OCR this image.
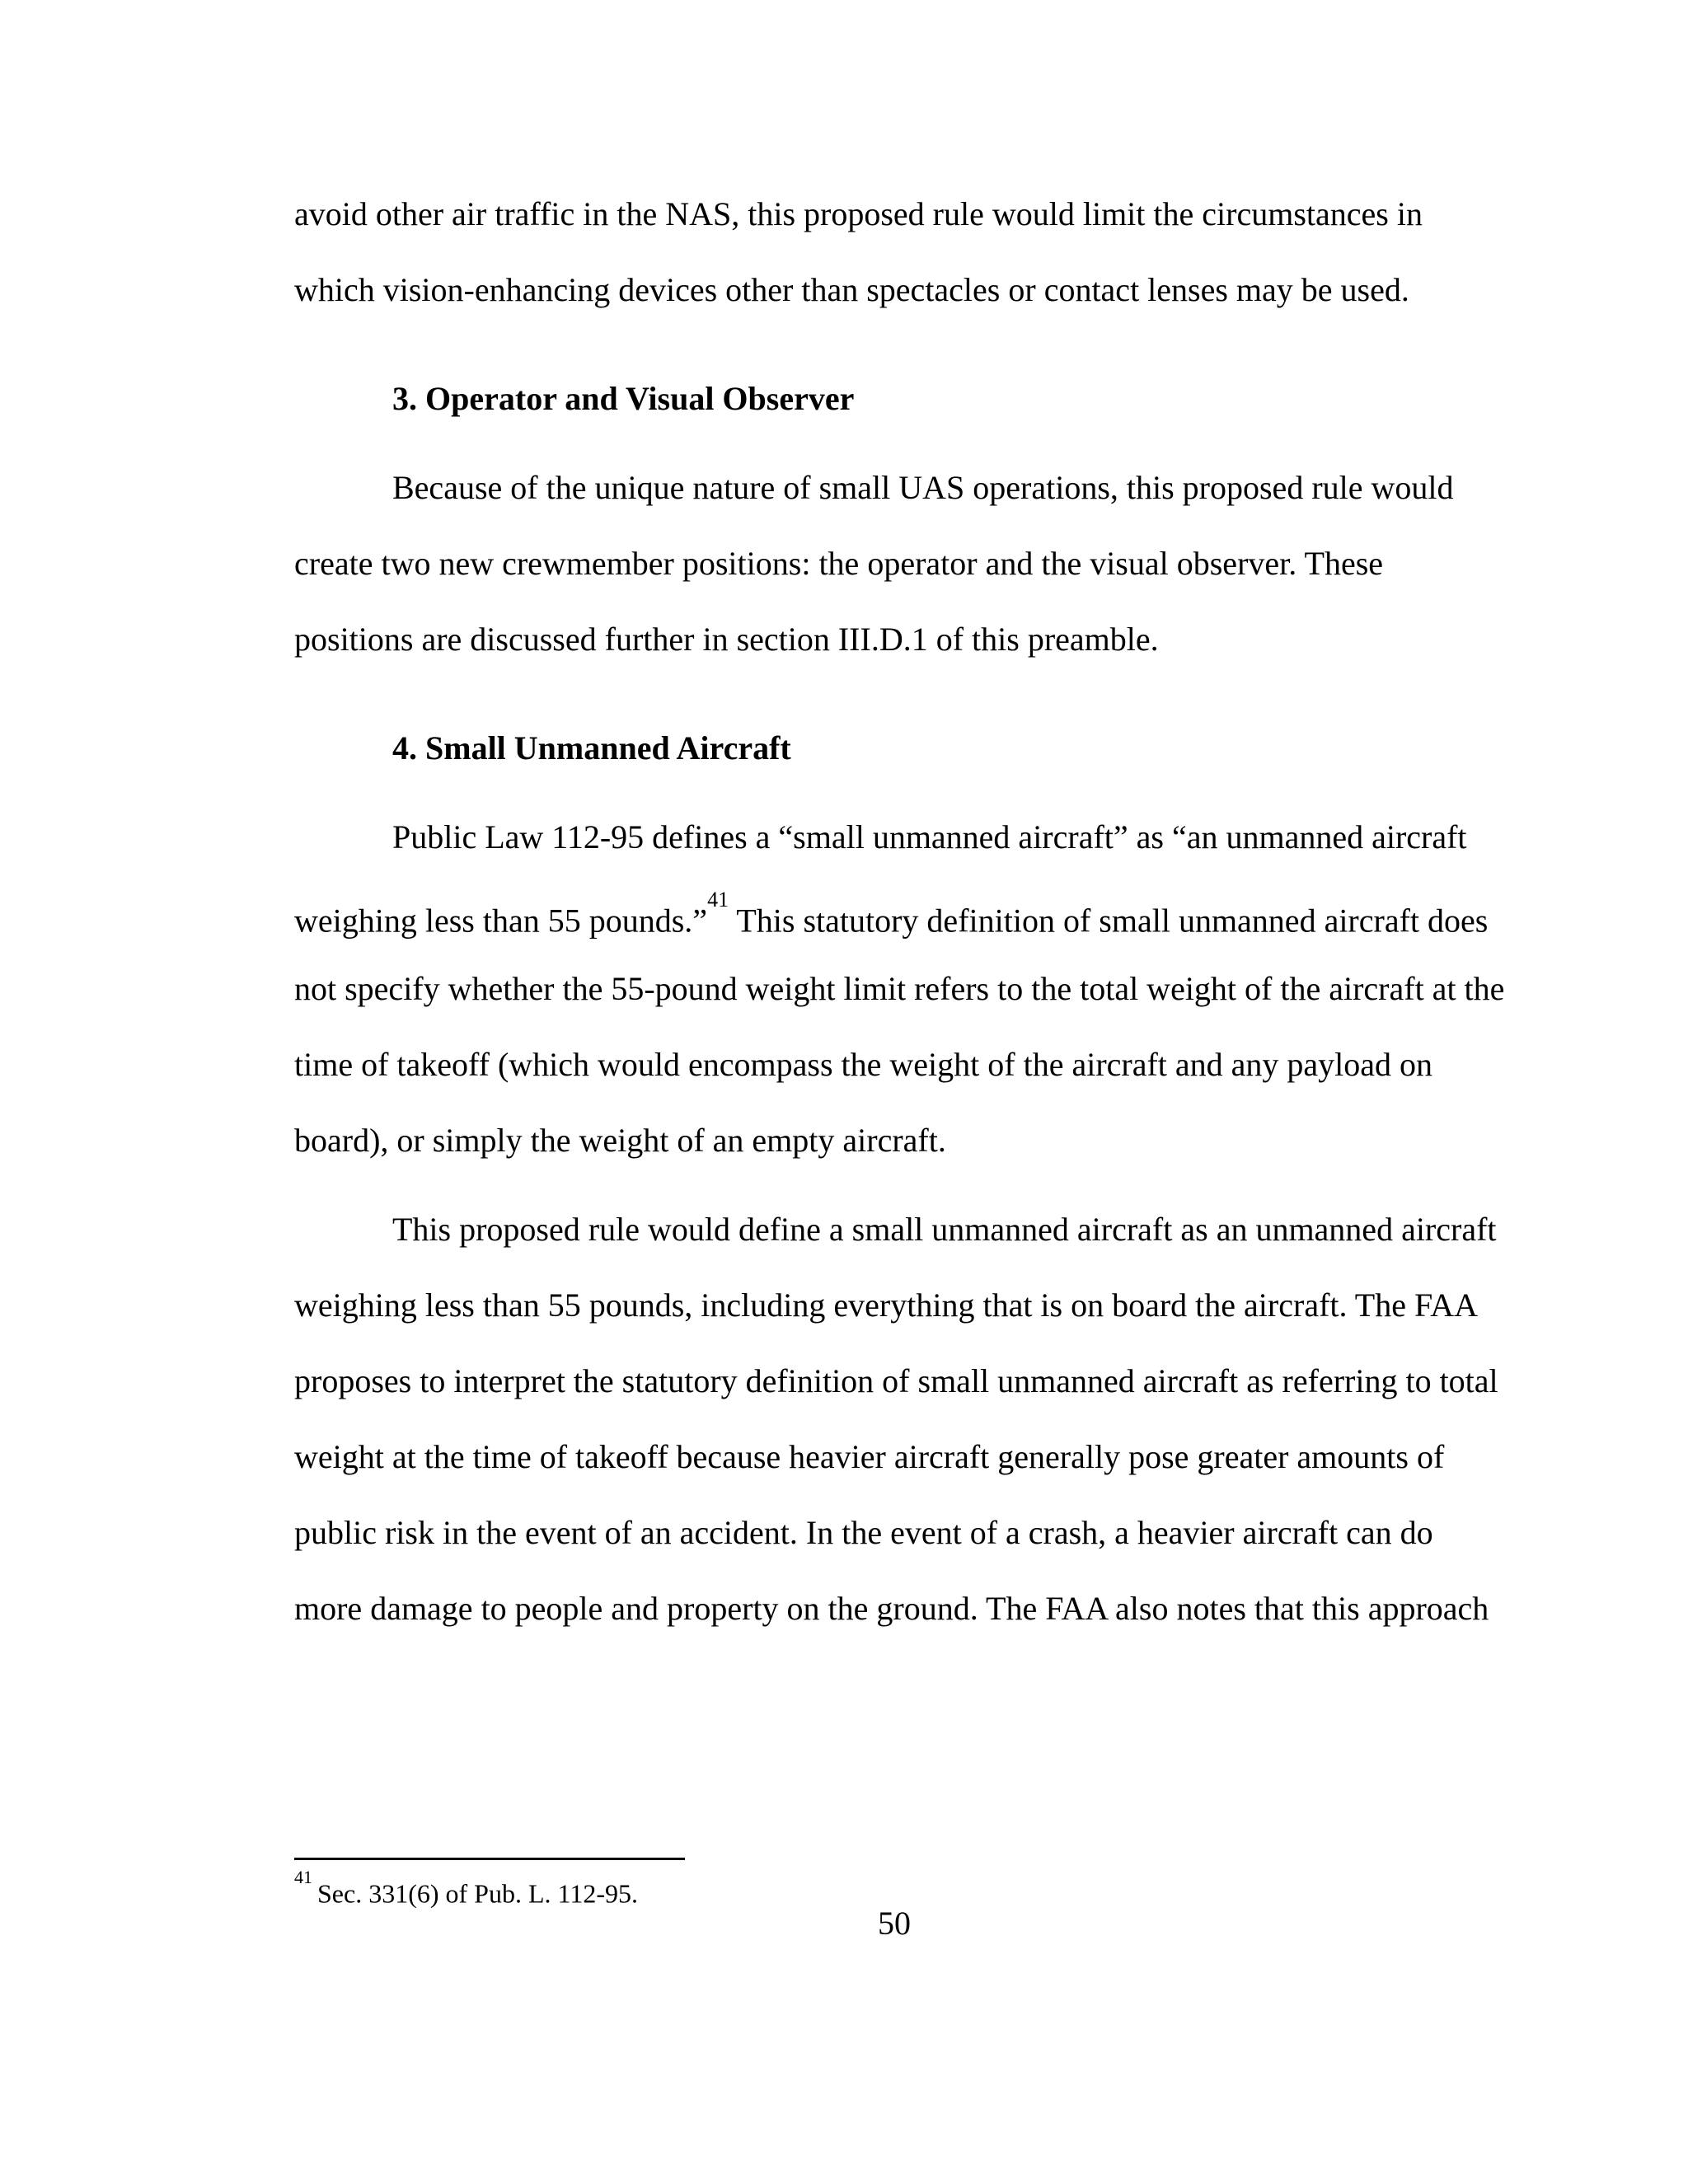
avoid other air traffic in the NAS, this proposed rule would limit the circumstances in
which vision-enhancing devices other than spectacles or contact lenses may be used.
3. Operator and Visual Observer
Because of the unique nature of small UAS operations, this proposed rule would
create two new crewmember positions: the operator and the visual observer. These
positions are discussed further in section III.D.1 of this preamble.
4. Small Unmanned Aircraft
Public Law 112-95 defines a “small unmanned aircraft” as “an unmanned aircraft
weighing less than 55 pounds.”$^{41}$ This statutory definition of small unmanned aircraft does
not specify whether the 55-pound weight limit refers to the total weight of the aircraft at the
time of takeoff (which would encompass the weight of the aircraft and any payload on
board), or simply the weight of an empty aircraft.
This proposed rule would define a small unmanned aircraft as an unmanned aircraft
weighing less than 55 pounds, including everything that is on board the aircraft. The FAA
proposes to interpret the statutory definition of small unmanned aircraft as referring to total
weight at the time of takeoff because heavier aircraft generally pose greater amounts of
public risk in the event of an accident. In the event of a crash, a heavier aircraft can do
more damage to people and property on the ground. The FAA also notes that this approach
$^{41}$Sec. 331(6) of Pub. L. 112-95.
50
